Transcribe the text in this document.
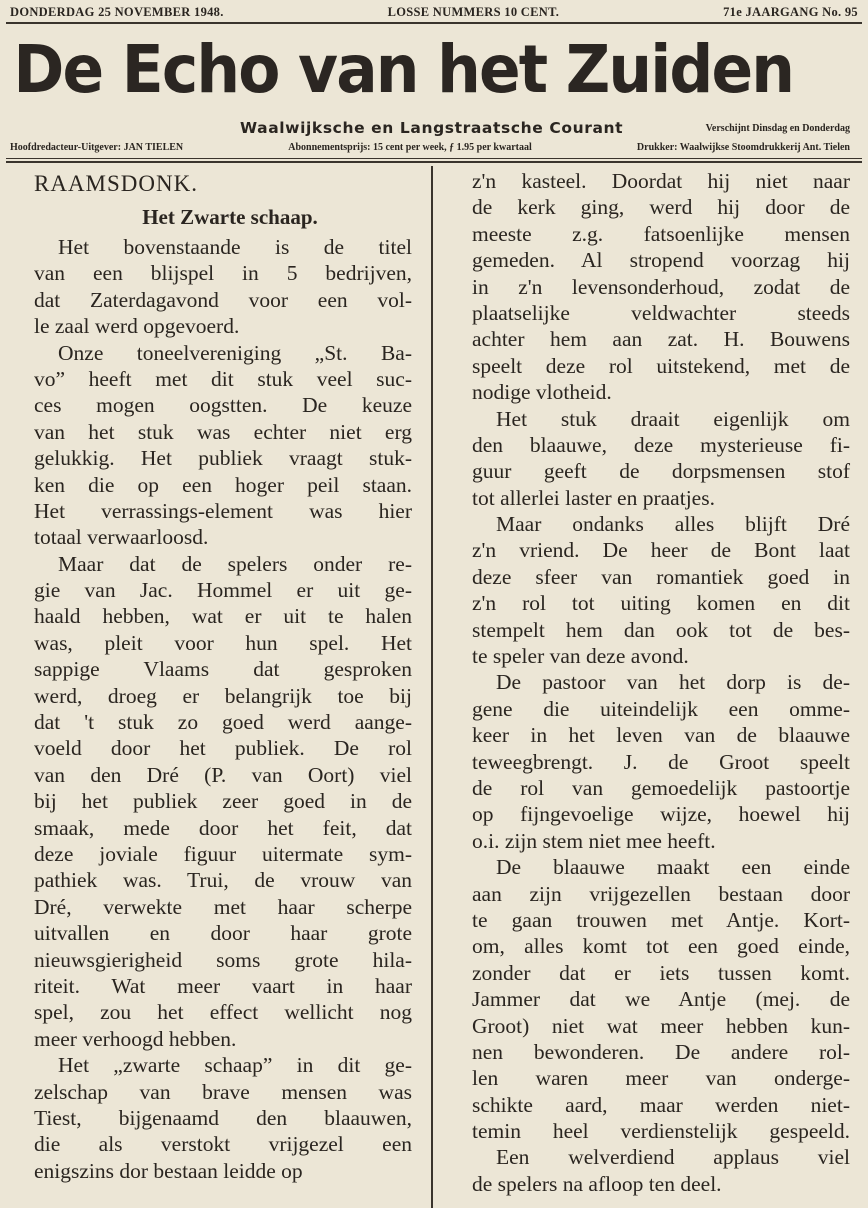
DONDERDAG 25 NOVEMBER 1948.	LOSSE NUMMERS 10 CENT.	71e JAARGANG No. 95
De Echo van het Zuiden
Waalwijksche en Langstraatsche Courant	Verschijnt Dinsdag en Donderdag
Hoofdredacteur-Uitgever: JAN TIELEN	Abonnementsprijs: 15 cent per week, ƒ 1.95 per kwartaal	Drukker: Waalwijkse Stoomdrukkerij Ant. Tielen
RAAMSDONK.
Het Zwarte schaap.
Het bovenstaande is de titel
van een blijspel in 5 bedrijven,
dat Zaterdagavond voor een vol-
le zaal werd opgevoerd.
Onze toneelvereniging „St. Ba-
vo” heeft met dit stuk veel suc-
ces mogen oogstten. De keuze
van het stuk was echter niet erg
gelukkig. Het publiek vraagt stuk-
ken die op een hoger peil staan.
Het verrassings-element was hier
totaal verwaarloosd.
Maar dat de spelers onder re-
gie van Jac. Hommel er uit ge-
haald hebben, wat er uit te halen
was, pleit voor hun spel. Het
sappige Vlaams dat gesproken
werd, droeg er belangrijk toe bij
dat 't stuk zo goed werd aange-
voeld door het publiek. De rol
van den Dré (P. van Oort) viel
bij het publiek zeer goed in de
smaak, mede door het feit, dat
deze joviale figuur uitermate sym-
pathiek was. Trui, de vrouw van
Dré, verwekte met haar scherpe
uitvallen en door haar grote
nieuwsgierigheid soms grote hila-
riteit. Wat meer vaart in haar
spel, zou het effect wellicht nog
meer verhoogd hebben.
Het „zwarte schaap” in dit ge-
zelschap van brave mensen was
Tiest, bijgenaamd den blaauwen,
die als verstokt vrijgezel een
enigszins dor bestaan leidde op
z'n kasteel. Doordat hij niet naar
de kerk ging, werd hij door de
meeste z.g. fatsoenlijke mensen
gemeden. Al stropend voorzag hij
in z'n levensonderhoud, zodat de
plaatselijke veldwachter steeds
achter hem aan zat. H. Bouwens
speelt deze rol uitstekend, met de
nodige vlotheid.
Het stuk draait eigenlijk om
den blaauwe, deze mysterieuse fi-
guur geeft de dorpsmensen stof
tot allerlei laster en praatjes.
Maar ondanks alles blijft Dré
z'n vriend. De heer de Bont laat
deze sfeer van romantiek goed in
z'n rol tot uiting komen en dit
stempelt hem dan ook tot de bes-
te speler van deze avond.
De pastoor van het dorp is de-
gene die uiteindelijk een omme-
keer in het leven van de blaauwe
teweegbrengt. J. de Groot speelt
de rol van gemoedelijk pastoortje
op fijngevoelige wijze, hoewel hij
o.i. zijn stem niet mee heeft.
De blaauwe maakt een einde
aan zijn vrijgezellen bestaan door
te gaan trouwen met Antje. Kort-
om, alles komt tot een goed einde,
zonder dat er iets tussen komt.
Jammer dat we Antje (mej. de
Groot) niet wat meer hebben kun-
nen bewonderen. De andere rol-
len waren meer van onderge-
schikte aard, maar werden niet-
temin heel verdienstelijk gespeeld.
Een welverdiend applaus viel
de spelers na afloop ten deel.
